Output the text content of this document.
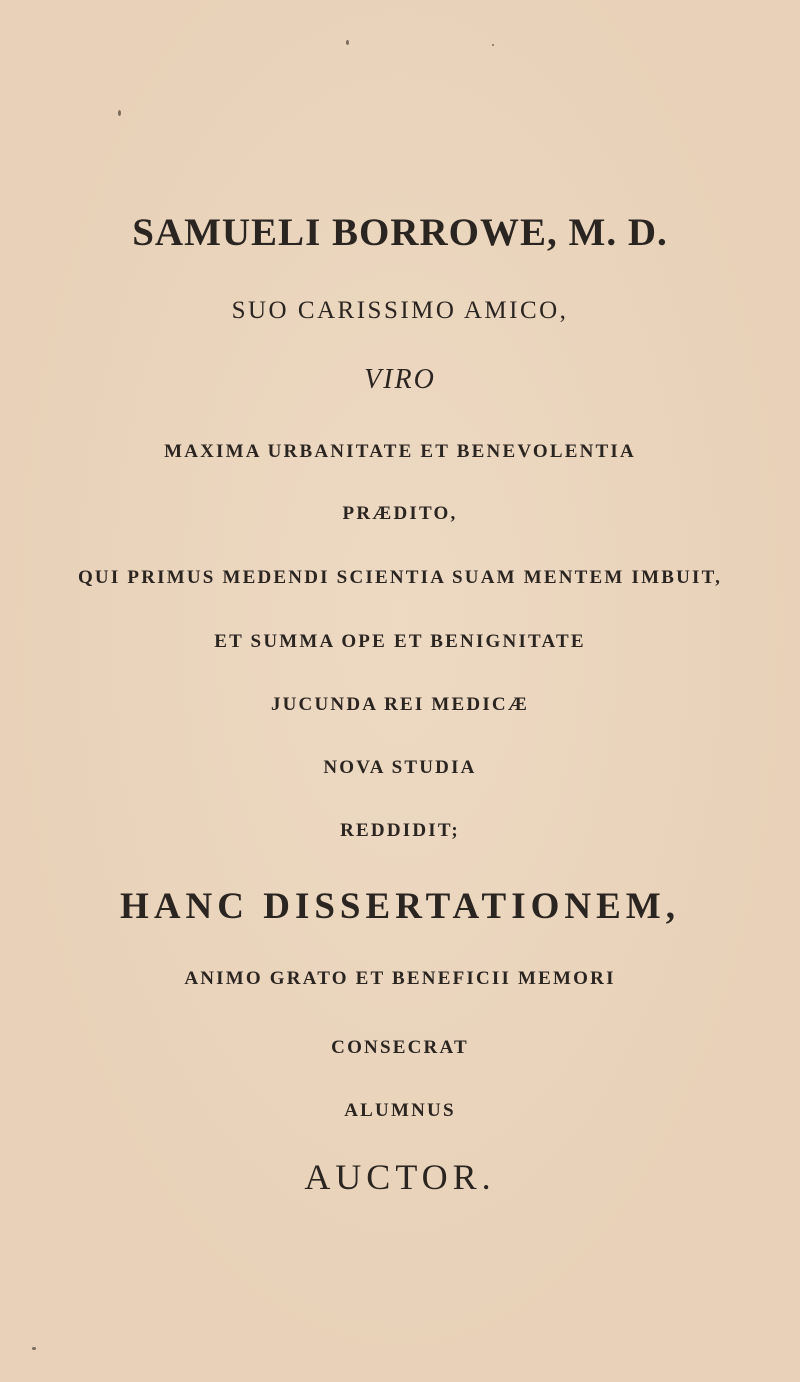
SAMUELI BORROWE, M. D.
SUO CARISSIMO AMICO,
VIRO
MAXIMA URBANITATE ET BENEVOLENTIA
PRÆDITO,
QUI PRIMUS MEDENDI SCIENTIA SUAM MENTEM IMBUIT,
ET SUMMA OPE ET BENIGNITATE
JUCUNDA REI MEDICÆ
NOVA STUDIA
REDDIDIT;
HANC DISSERTATIONEM,
ANIMO GRATO ET BENEFICII MEMORI
CONSECRAT
ALUMNUS
AUCTOR.
